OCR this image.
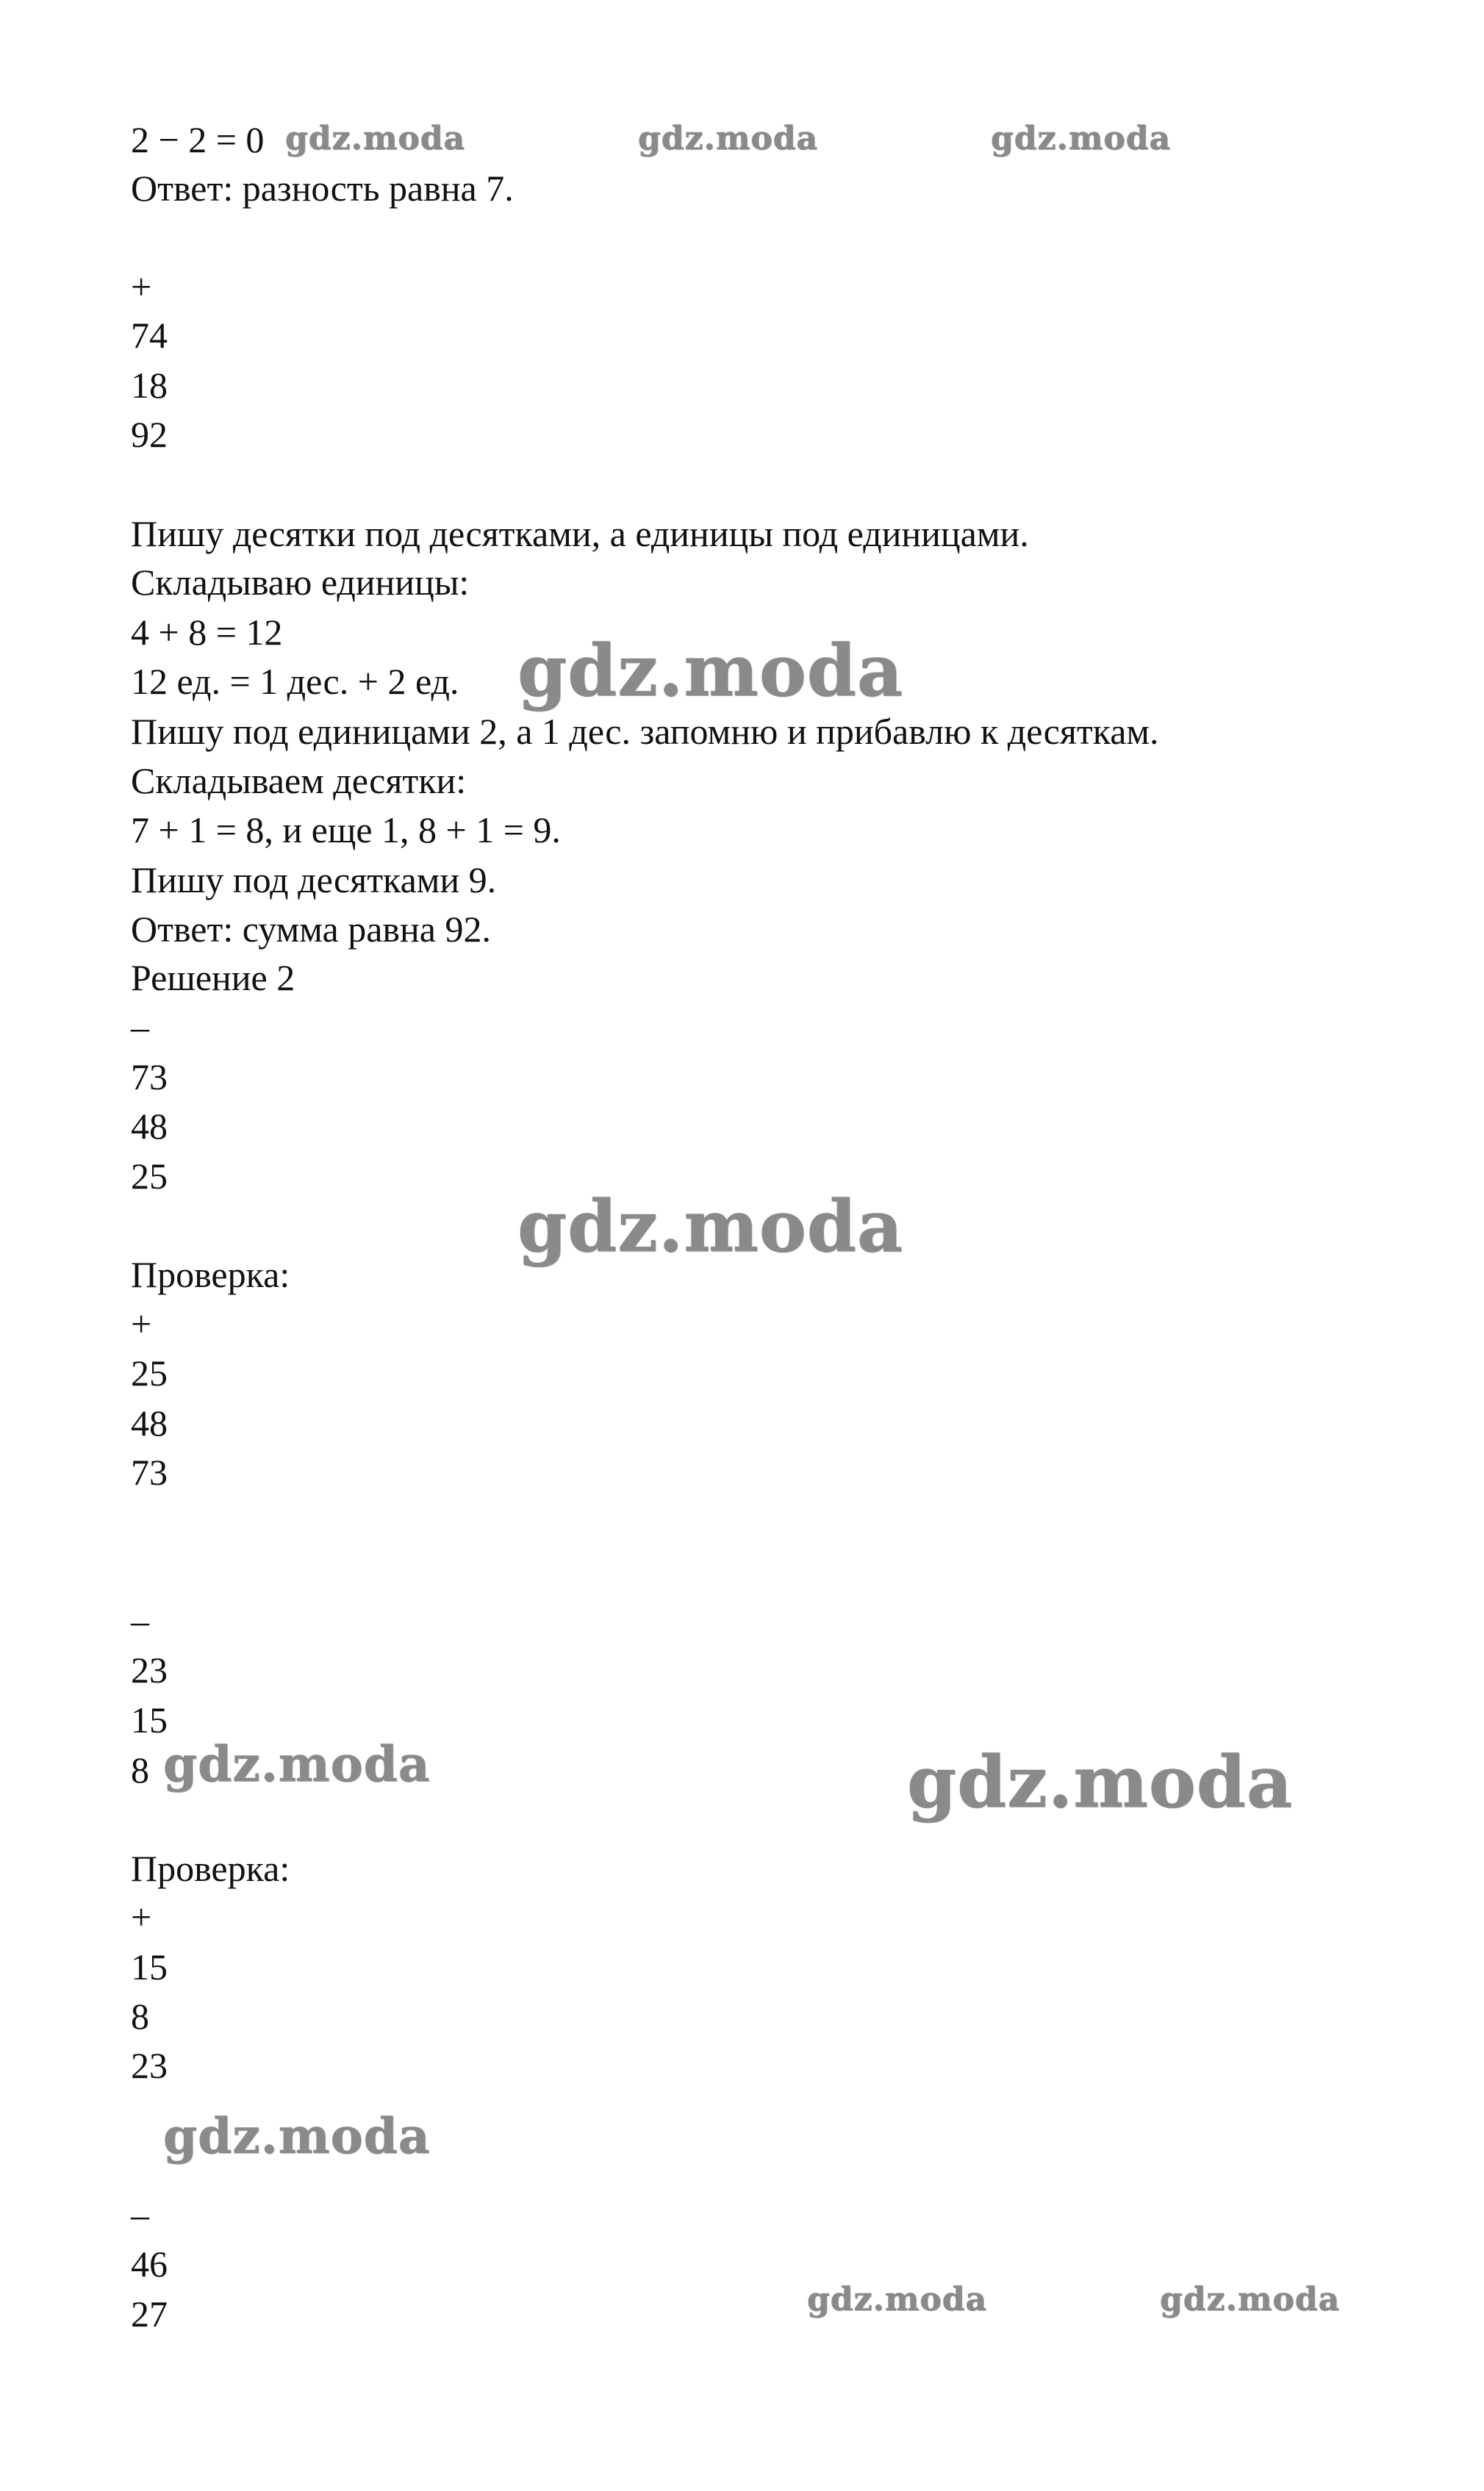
2 − 2 = 0
Ответ: разность равна 7.
+
74
18
92
Пишу десятки под десятками, а единицы под единицами.
Складываю единицы:
4 + 8 = 12
12 ед. = 1 дес. + 2 ед.
Пишу под единицами 2, а 1 дес. запомню и прибавлю к десяткам.
Складываем десятки:
7 + 1 = 8, и еще 1, 8 + 1 = 9.
Пишу под десятками 9.
Ответ: сумма равна 92.
Решение 2
–
73
48
25
Проверка:
+
25
48
73
–
23
15
8
Проверка:
+
15
8
23
–
46
27
gdz.moda	gdz.moda	gdz.moda
gdz.moda
gdz.moda
gdz.moda	gdz.moda
gdz.moda
gdz.moda	gdz.moda
